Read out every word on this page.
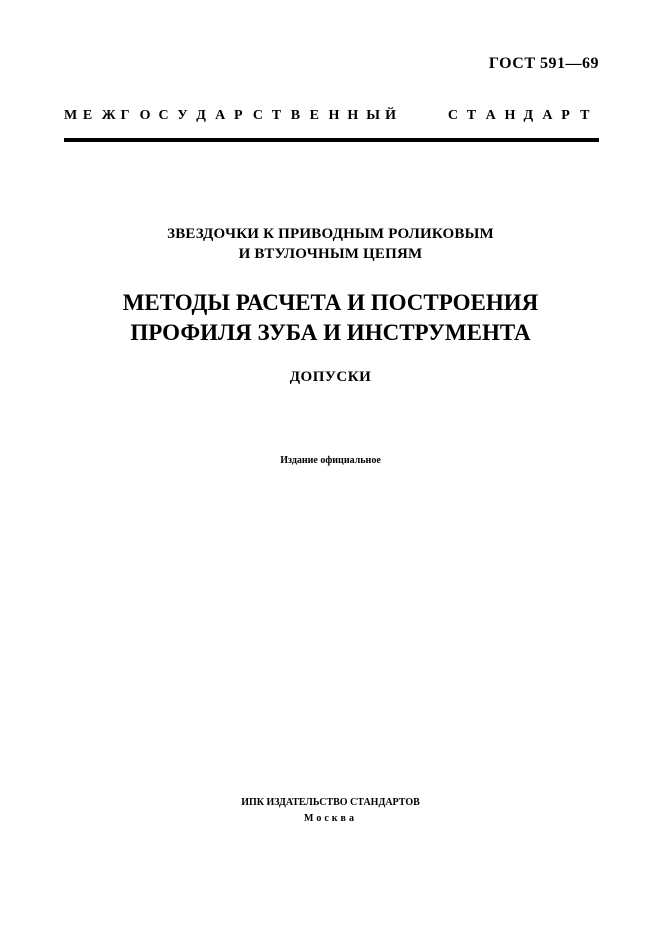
ГОСТ 591—69
М Е Ж Г О С У Д А Р С Т В Е Н Н Ы Й	С Т А Н Д А Р Т
ЗВЕЗДОЧКИ К ПРИВОДНЫМ РОЛИКОВЫМ
И ВТУЛОЧНЫМ ЦЕПЯМ
МЕТОДЫ РАСЧЕТА И ПОСТРОЕНИЯ
ПРОФИЛЯ ЗУБА И ИНСТРУМЕНТА
ДОПУСКИ
Издание официальное
ИПК ИЗДАТЕЛЬСТВО СТАНДАРТОВ
Москва
